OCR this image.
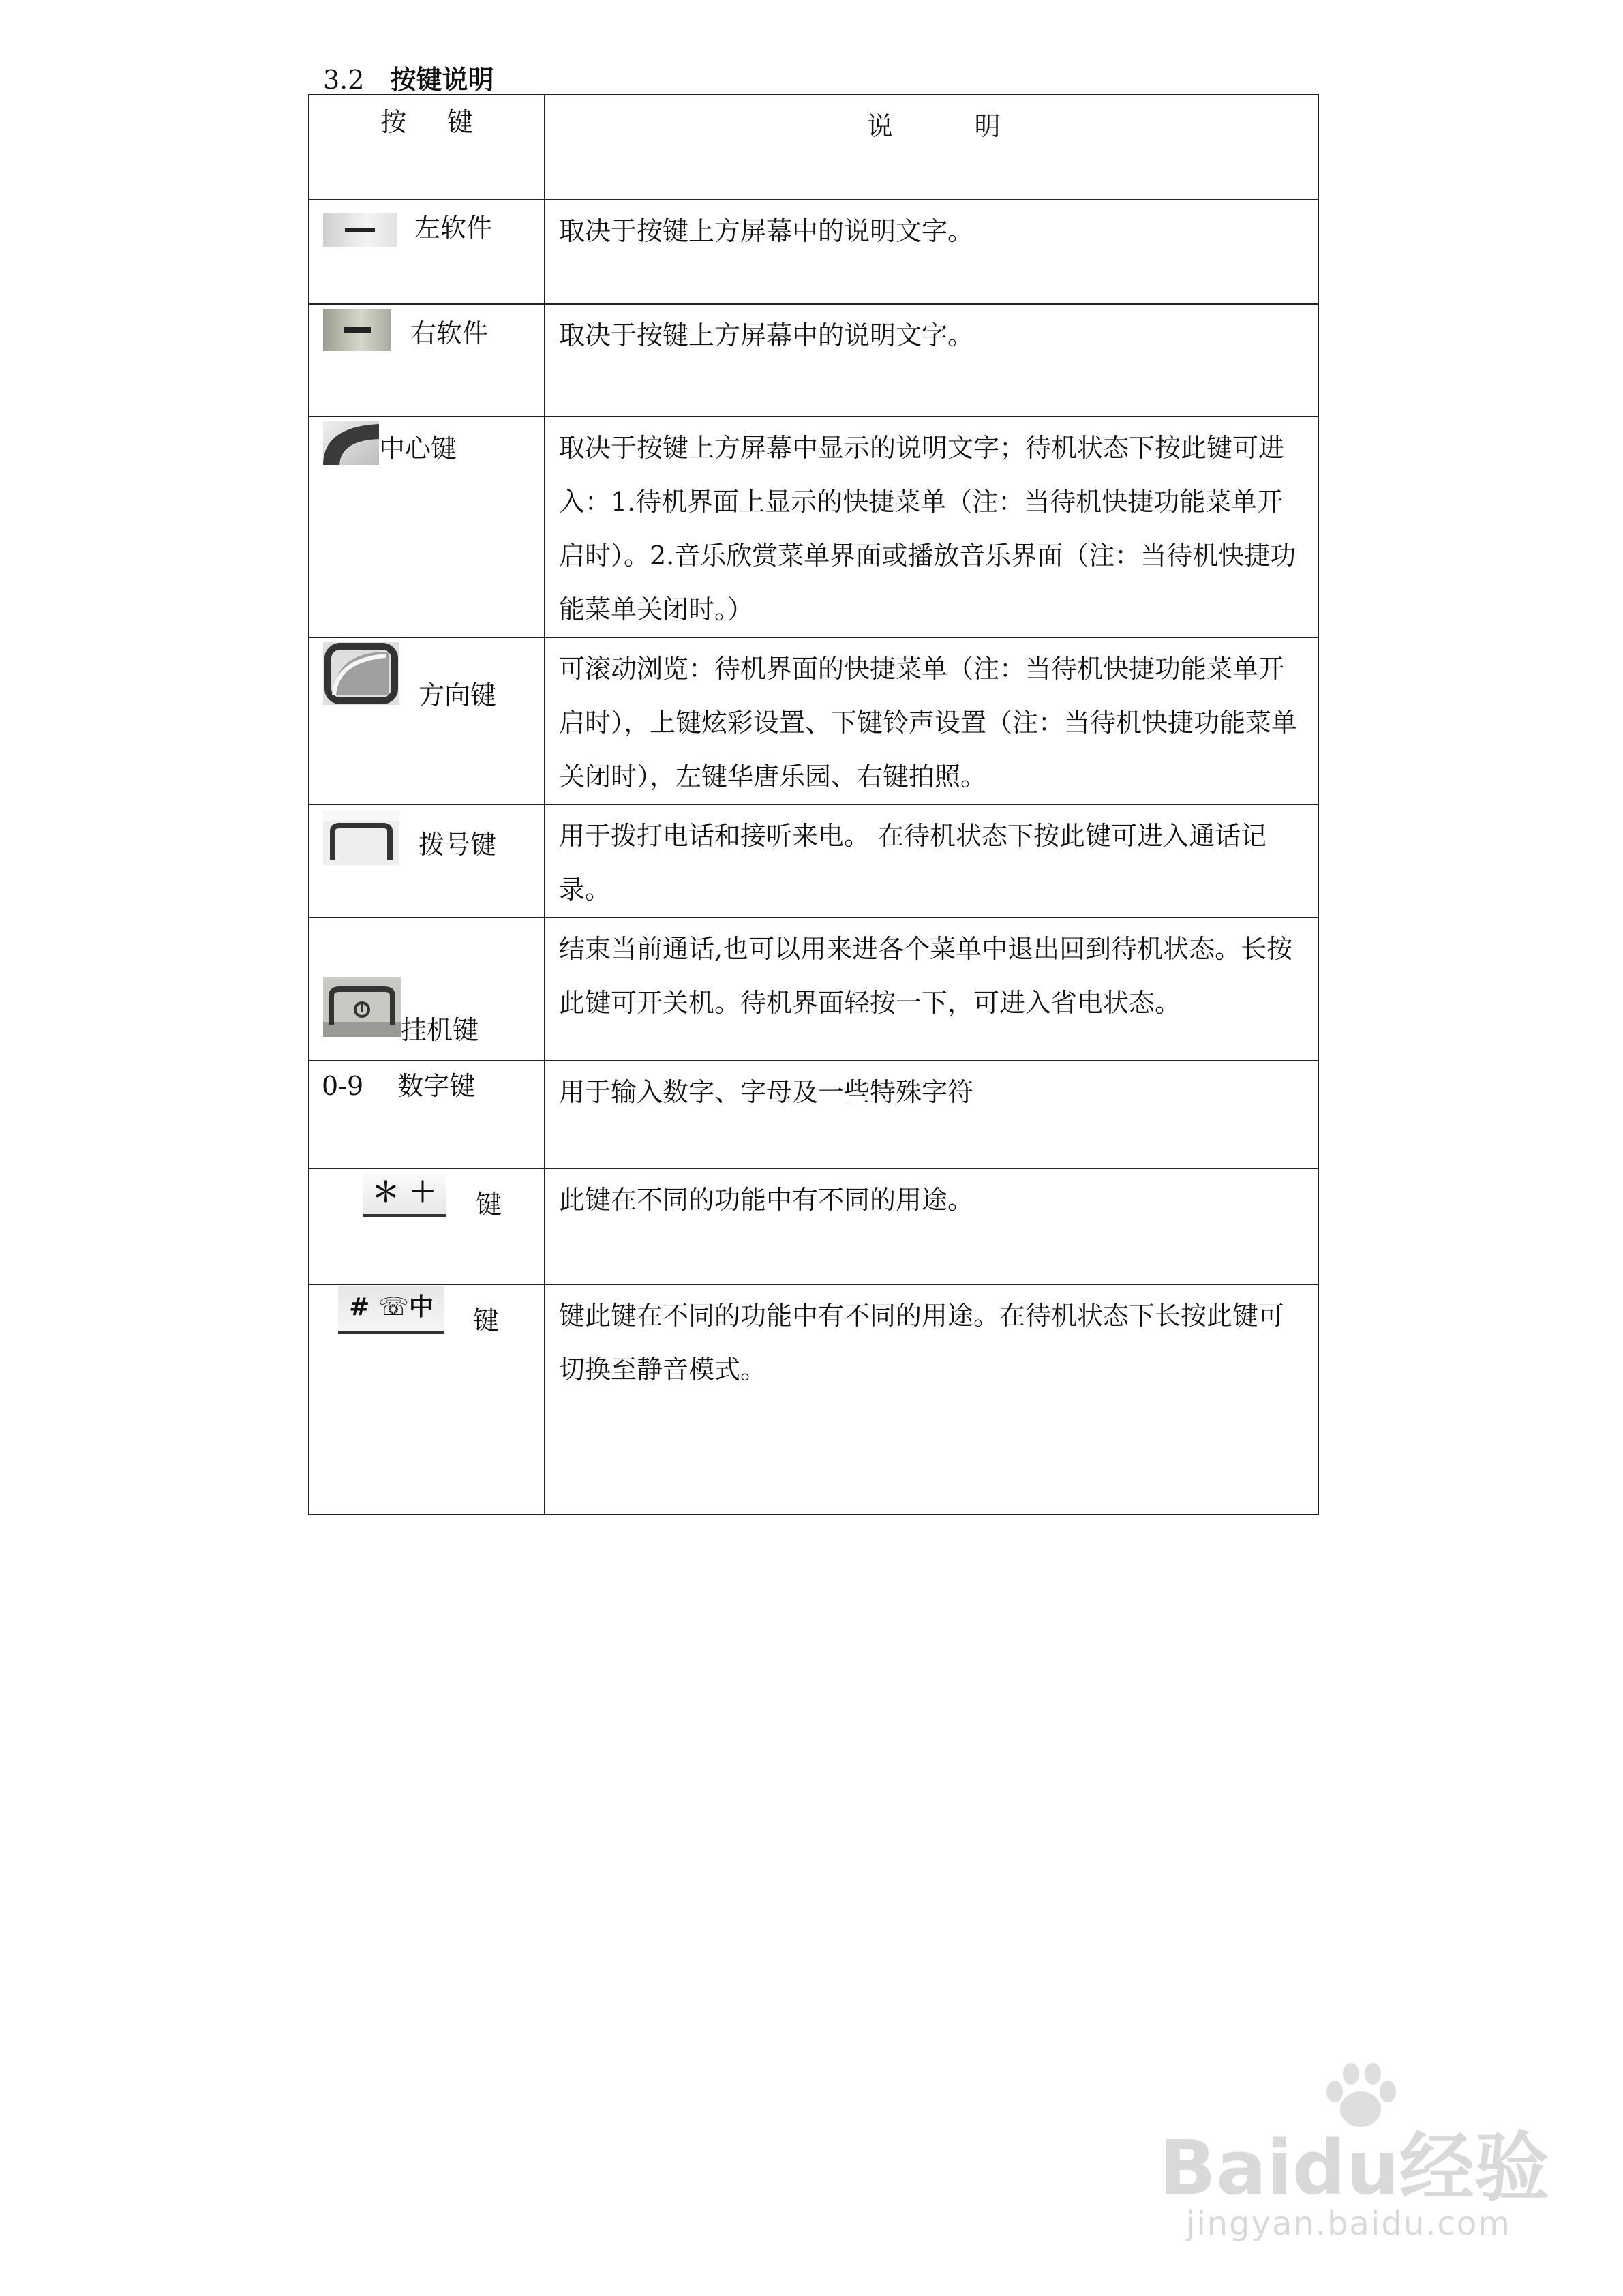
3.2 按键说明
按键	说明

左软件	取决于按键上方屏幕中的说明文字。

右软件	取决于按键上方屏幕中的说明文字。

中心键	取决于按键上方屏幕中显示的说明文字；待机状态下按此键可进入：1.待机界面上显示的快捷菜单（注：当待机快捷功能菜单开启时）。2.音乐欣赏菜单界面或播放音乐界面（注：当待机快捷功能菜单关闭时。）

方向键	可滚动浏览：待机界面的快捷菜单（注：当待机快捷功能菜单开启时），上键炫彩设置、下键铃声设置（注：当待机快捷功能菜单关闭时），左键华唐乐园、右键拍照。

拨号键	用于拨打电话和接听来电。 在待机状态下按此键可进入通话记录。

挂机键	结束当前通话,也可以用来进各个菜单中退出回到待机状态。长按此键可开关机。待机界面轻按一下，可进入省电状态。

0-9　 数字键	用于输入数字、字母及一些特殊字符

＊ ＋ 键	此键在不同的功能中有不同的用途。

# ☏中 键	键此键在不同的功能中有不同的用途。在待机状态下长按此键可切换至静音模式。
Baidu经验
jingyan.baidu.com
